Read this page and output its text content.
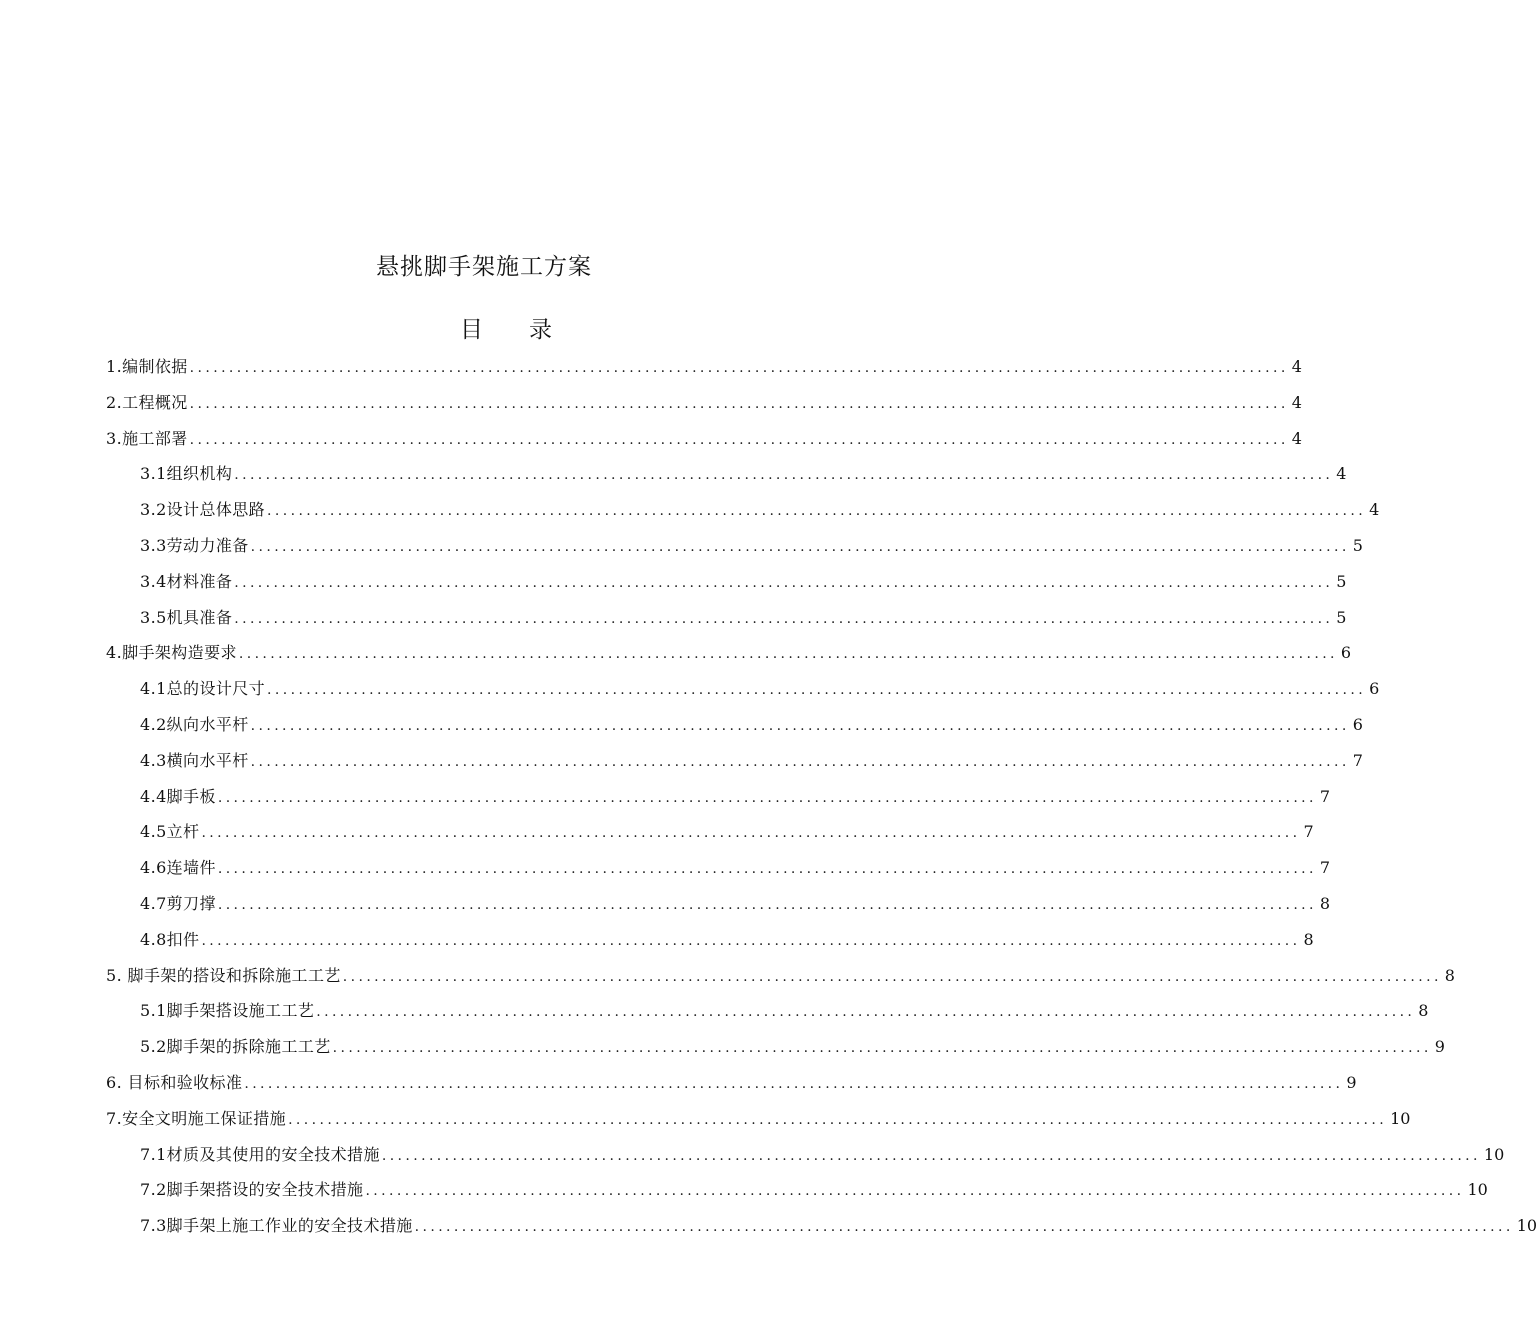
悬挑脚手架施工方案
目 录
1.编制依据 ............................................................................................................................................ 4
2.工程概况 ............................................................................................................................................ 4
3.施工部署 ............................................................................................................................................ 4
3.1组织机构 ............................................................................................................................................ 4
3.2设计总体思路 ............................................................................................................................................ 4
3.3劳动力准备 ............................................................................................................................................ 5
3.4材料准备 ............................................................................................................................................ 5
3.5机具准备 ............................................................................................................................................ 5
4.脚手架构造要求 ............................................................................................................................................ 6
4.1总的设计尺寸 ............................................................................................................................................ 6
4.2纵向水平杆 ............................................................................................................................................ 6
4.3横向水平杆 ............................................................................................................................................ 7
4.4脚手板 ............................................................................................................................................ 7
4.5立杆 ............................................................................................................................................ 7
4.6连墙件 ............................................................................................................................................ 7
4.7剪刀撑 ............................................................................................................................................ 8
4.8扣件 ............................................................................................................................................ 8
5. 脚手架的搭设和拆除施工工艺 ............................................................................................................................................ 8
5.1脚手架搭设施工工艺 ............................................................................................................................................ 8
5.2脚手架的拆除施工工艺 ............................................................................................................................................ 9
6. 目标和验收标准 ............................................................................................................................................ 9
7.安全文明施工保证措施 ............................................................................................................................................ 10
7.1材质及其使用的安全技术措施 ............................................................................................................................................ 10
7.2脚手架搭设的安全技术措施 ............................................................................................................................................ 10
7.3脚手架上施工作业的安全技术措施 ............................................................................................................................................ 10
